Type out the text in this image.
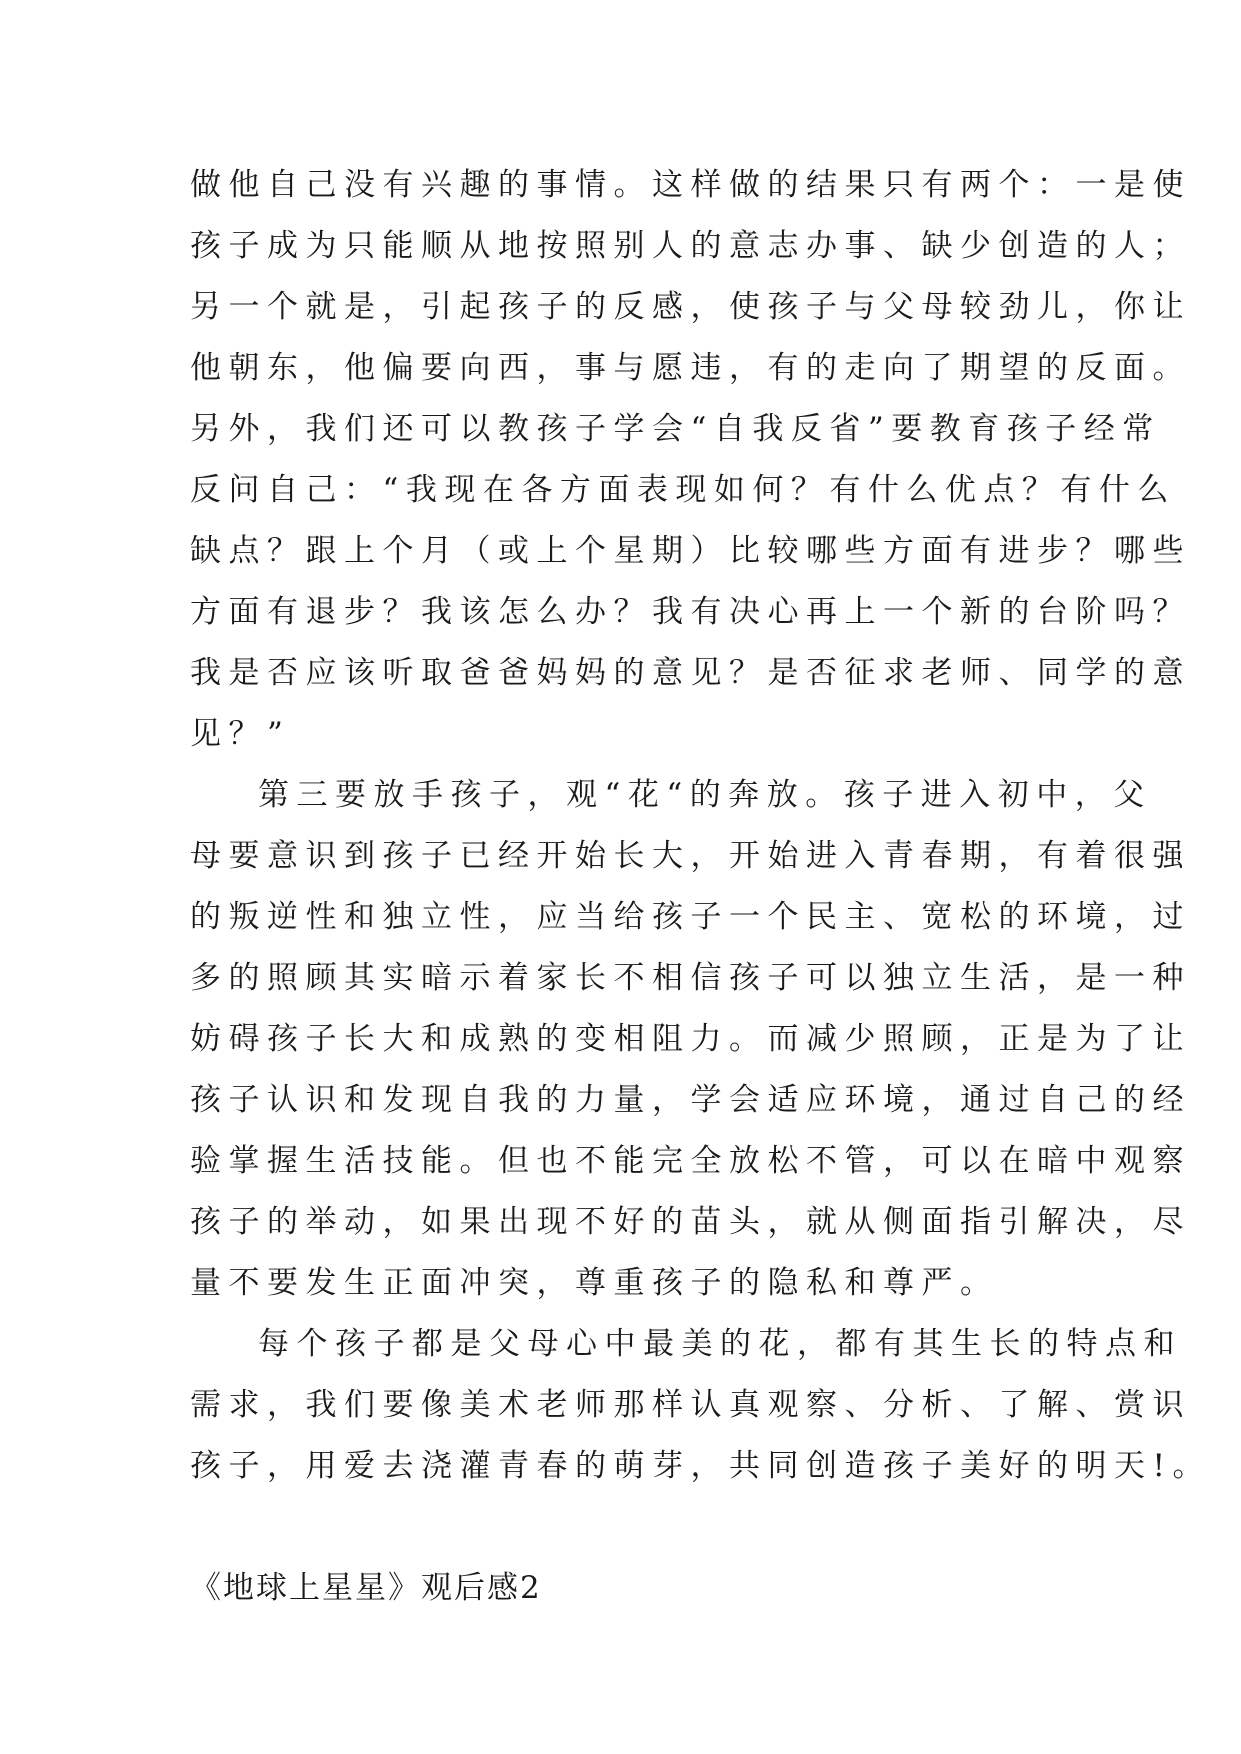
做他自己没有兴趣的事情。这样做的结果只有两个：一是使
孩子成为只能顺从地按照别人的意志办事、缺少创造的人；
另一个就是，引起孩子的反感，使孩子与父母较劲儿，你让
他朝东，他偏要向西，事与愿违，有的走向了期望的反面。
另外，我们还可以教孩子学会“自我反省”要教育孩子经常
反问自己：“我现在各方面表现如何？有什么优点？有什么
缺点？跟上个月（或上个星期）比较哪些方面有进步？哪些
方面有退步？我该怎么办？我有决心再上一个新的台阶吗？
我是否应该听取爸爸妈妈的意见？是否征求老师、同学的意
见？”
第三要放手孩子，观“花“的奔放。孩子进入初中，父
母要意识到孩子已经开始长大，开始进入青春期，有着很强
的叛逆性和独立性，应当给孩子一个民主、宽松的环境，过
多的照顾其实暗示着家长不相信孩子可以独立生活，是一种
妨碍孩子长大和成熟的变相阻力。而减少照顾，正是为了让
孩子认识和发现自我的力量，学会适应环境，通过自己的经
验掌握生活技能。但也不能完全放松不管，可以在暗中观察
孩子的举动，如果出现不好的苗头，就从侧面指引解决，尽
量不要发生正面冲突，尊重孩子的隐私和尊严。
每个孩子都是父母心中最美的花，都有其生长的特点和
需求，我们要像美术老师那样认真观察、分析、了解、赏识
孩子，用爱去浇灌青春的萌芽，共同创造孩子美好的明天!。
《地球上星星》观后感2
